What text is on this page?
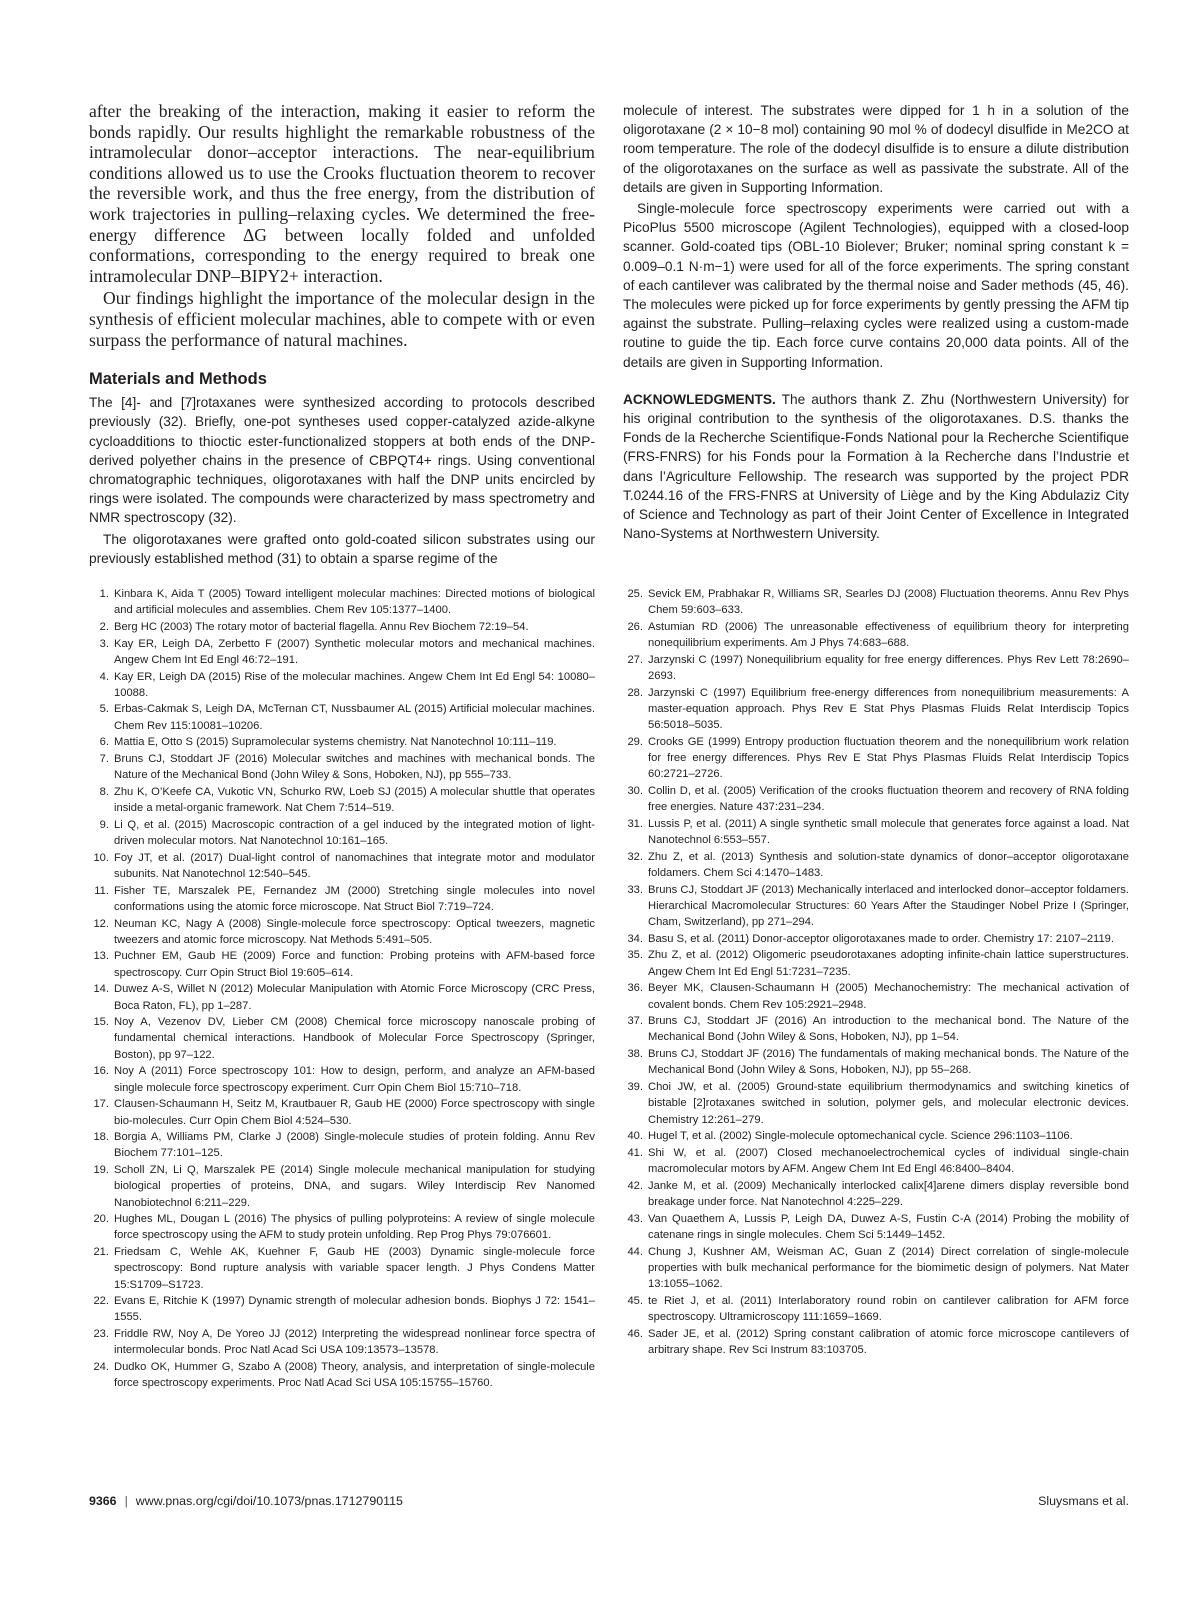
after the breaking of the interaction, making it easier to reform the bonds rapidly. Our results highlight the remarkable robustness of the intramolecular donor–acceptor interactions. The near-equilibrium conditions allowed us to use the Crooks fluctuation theorem to recover the reversible work, and thus the free energy, from the distribution of work trajectories in pulling–relaxing cycles. We determined the free-energy difference ΔG between locally folded and unfolded conformations, corresponding to the energy required to break one intramolecular DNP–BIPY2+ interaction.

Our findings highlight the importance of the molecular design in the synthesis of efficient molecular machines, able to compete with or even surpass the performance of natural machines.

Materials and Methods

The [4]- and [7]rotaxanes were synthesized according to protocols described previously (32). Briefly, one-pot syntheses used copper-catalyzed azide-alkyne cycloadditions to thioctic ester-functionalized stoppers at both ends of the DNP-derived polyether chains in the presence of CBPQT4+ rings. Using conventional chromatographic techniques, oligorotaxanes with half the DNP units encircled by rings were isolated. The compounds were characterized by mass spectrometry and NMR spectroscopy (32).

The oligorotaxanes were grafted onto gold-coated silicon substrates using our previously established method (31) to obtain a sparse regime of the

molecule of interest. The substrates were dipped for 1 h in a solution of the oligorotaxane (2 × 10−8 mol) containing 90 mol % of dodecyl disulfide in Me2CO at room temperature. The role of the dodecyl disulfide is to ensure a dilute distribution of the oligorotaxanes on the surface as well as passivate the substrate. All of the details are given in Supporting Information.

Single-molecule force spectroscopy experiments were carried out with a PicoPlus 5500 microscope (Agilent Technologies), equipped with a closed-loop scanner. Gold-coated tips (OBL-10 Biolever; Bruker; nominal spring constant k = 0.009–0.1 N·m−1) were used for all of the force experiments. The spring constant of each cantilever was calibrated by the thermal noise and Sader methods (45, 46). The molecules were picked up for force experiments by gently pressing the AFM tip against the substrate. Pulling–relaxing cycles were realized using a custom-made routine to guide the tip. Each force curve contains 20,000 data points. All of the details are given in Supporting Information.

ACKNOWLEDGMENTS. The authors thank Z. Zhu (Northwestern University) for his original contribution to the synthesis of the oligorotaxanes. D.S. thanks the Fonds de la Recherche Scientifique-Fonds National pour la Recherche Scientifique (FRS-FNRS) for his Fonds pour la Formation à la Recherche dans l’Industrie et dans l’Agriculture Fellowship. The research was supported by the project PDR T.0244.16 of the FRS-FNRS at University of Liège and by the King Abdulaziz City of Science and Technology as part of their Joint Center of Excellence in Integrated Nano-Systems at Northwestern University.

1. Kinbara K, Aida T (2005) Toward intelligent molecular machines: Directed motions of biological and artificial molecules and assemblies. Chem Rev 105:1377–1400.
2. Berg HC (2003) The rotary motor of bacterial flagella. Annu Rev Biochem 72:19–54.
3. Kay ER, Leigh DA, Zerbetto F (2007) Synthetic molecular motors and mechanical machines. Angew Chem Int Ed Engl 46:72–191.
4. Kay ER, Leigh DA (2015) Rise of the molecular machines. Angew Chem Int Ed Engl 54: 10080–10088.
5. Erbas-Cakmak S, Leigh DA, McTernan CT, Nussbaumer AL (2015) Artificial molecular machines. Chem Rev 115:10081–10206.
6. Mattia E, Otto S (2015) Supramolecular systems chemistry. Nat Nanotechnol 10:111–119.
7. Bruns CJ, Stoddart JF (2016) Molecular switches and machines with mechanical bonds. The Nature of the Mechanical Bond (John Wiley & Sons, Hoboken, NJ), pp 555–733.
8. Zhu K, O’Keefe CA, Vukotic VN, Schurko RW, Loeb SJ (2015) A molecular shuttle that operates inside a metal-organic framework. Nat Chem 7:514–519.
9. Li Q, et al. (2015) Macroscopic contraction of a gel induced by the integrated motion of light-driven molecular motors. Nat Nanotechnol 10:161–165.
10. Foy JT, et al. (2017) Dual-light control of nanomachines that integrate motor and modulator subunits. Nat Nanotechnol 12:540–545.
11. Fisher TE, Marszalek PE, Fernandez JM (2000) Stretching single molecules into novel conformations using the atomic force microscope. Nat Struct Biol 7:719–724.
12. Neuman KC, Nagy A (2008) Single-molecule force spectroscopy: Optical tweezers, magnetic tweezers and atomic force microscopy. Nat Methods 5:491–505.
13. Puchner EM, Gaub HE (2009) Force and function: Probing proteins with AFM-based force spectroscopy. Curr Opin Struct Biol 19:605–614.
14. Duwez A-S, Willet N (2012) Molecular Manipulation with Atomic Force Microscopy (CRC Press, Boca Raton, FL), pp 1–287.
15. Noy A, Vezenov DV, Lieber CM (2008) Chemical force microscopy nanoscale probing of fundamental chemical interactions. Handbook of Molecular Force Spectroscopy (Springer, Boston), pp 97–122.
16. Noy A (2011) Force spectroscopy 101: How to design, perform, and analyze an AFM-based single molecule force spectroscopy experiment. Curr Opin Chem Biol 15:710–718.
17. Clausen-Schaumann H, Seitz M, Krautbauer R, Gaub HE (2000) Force spectroscopy with single bio-molecules. Curr Opin Chem Biol 4:524–530.
18. Borgia A, Williams PM, Clarke J (2008) Single-molecule studies of protein folding. Annu Rev Biochem 77:101–125.
19. Scholl ZN, Li Q, Marszalek PE (2014) Single molecule mechanical manipulation for studying biological properties of proteins, DNA, and sugars. Wiley Interdiscip Rev Nanomed Nanobiotechnol 6:211–229.
20. Hughes ML, Dougan L (2016) The physics of pulling polyproteins: A review of single molecule force spectroscopy using the AFM to study protein unfolding. Rep Prog Phys 79:076601.
21. Friedsam C, Wehle AK, Kuehner F, Gaub HE (2003) Dynamic single-molecule force spectroscopy: Bond rupture analysis with variable spacer length. J Phys Condens Matter 15:S1709–S1723.
22. Evans E, Ritchie K (1997) Dynamic strength of molecular adhesion bonds. Biophys J 72: 1541–1555.
23. Friddle RW, Noy A, De Yoreo JJ (2012) Interpreting the widespread nonlinear force spectra of intermolecular bonds. Proc Natl Acad Sci USA 109:13573–13578.
24. Dudko OK, Hummer G, Szabo A (2008) Theory, analysis, and interpretation of single-molecule force spectroscopy experiments. Proc Natl Acad Sci USA 105:15755–15760.
25. Sevick EM, Prabhakar R, Williams SR, Searles DJ (2008) Fluctuation theorems. Annu Rev Phys Chem 59:603–633.
26. Astumian RD (2006) The unreasonable effectiveness of equilibrium theory for interpreting nonequilibrium experiments. Am J Phys 74:683–688.
27. Jarzynski C (1997) Nonequilibrium equality for free energy differences. Phys Rev Lett 78:2690–2693.
28. Jarzynski C (1997) Equilibrium free-energy differences from nonequilibrium measurements: A master-equation approach. Phys Rev E Stat Phys Plasmas Fluids Relat Interdiscip Topics 56:5018–5035.
29. Crooks GE (1999) Entropy production fluctuation theorem and the nonequilibrium work relation for free energy differences. Phys Rev E Stat Phys Plasmas Fluids Relat Interdiscip Topics 60:2721–2726.
30. Collin D, et al. (2005) Verification of the crooks fluctuation theorem and recovery of RNA folding free energies. Nature 437:231–234.
31. Lussis P, et al. (2011) A single synthetic small molecule that generates force against a load. Nat Nanotechnol 6:553–557.
32. Zhu Z, et al. (2013) Synthesis and solution-state dynamics of donor–acceptor oligorotaxane foldamers. Chem Sci 4:1470–1483.
33. Bruns CJ, Stoddart JF (2013) Mechanically interlaced and interlocked donor–acceptor foldamers. Hierarchical Macromolecular Structures: 60 Years After the Staudinger Nobel Prize I (Springer, Cham, Switzerland), pp 271–294.
34. Basu S, et al. (2011) Donor-acceptor oligorotaxanes made to order. Chemistry 17: 2107–2119.
35. Zhu Z, et al. (2012) Oligomeric pseudorotaxanes adopting infinite-chain lattice superstructures. Angew Chem Int Ed Engl 51:7231–7235.
36. Beyer MK, Clausen-Schaumann H (2005) Mechanochemistry: The mechanical activation of covalent bonds. Chem Rev 105:2921–2948.
37. Bruns CJ, Stoddart JF (2016) An introduction to the mechanical bond. The Nature of the Mechanical Bond (John Wiley & Sons, Hoboken, NJ), pp 1–54.
38. Bruns CJ, Stoddart JF (2016) The fundamentals of making mechanical bonds. The Nature of the Mechanical Bond (John Wiley & Sons, Hoboken, NJ), pp 55–268.
39. Choi JW, et al. (2005) Ground-state equilibrium thermodynamics and switching kinetics of bistable [2]rotaxanes switched in solution, polymer gels, and molecular electronic devices. Chemistry 12:261–279.
40. Hugel T, et al. (2002) Single-molecule optomechanical cycle. Science 296:1103–1106.
41. Shi W, et al. (2007) Closed mechanoelectrochemical cycles of individual single-chain macromolecular motors by AFM. Angew Chem Int Ed Engl 46:8400–8404.
42. Janke M, et al. (2009) Mechanically interlocked calix[4]arene dimers display reversible bond breakage under force. Nat Nanotechnol 4:225–229.
43. Van Quaethem A, Lussis P, Leigh DA, Duwez A-S, Fustin C-A (2014) Probing the mobility of catenane rings in single molecules. Chem Sci 5:1449–1452.
44. Chung J, Kushner AM, Weisman AC, Guan Z (2014) Direct correlation of single-molecule properties with bulk mechanical performance for the biomimetic design of polymers. Nat Mater 13:1055–1062.
45. te Riet J, et al. (2011) Interlaboratory round robin on cantilever calibration for AFM force spectroscopy. Ultramicroscopy 111:1659–1669.
46. Sader JE, et al. (2012) Spring constant calibration of atomic force microscope cantilevers of arbitrary shape. Rev Sci Instrum 83:103705.
9366 | www.pnas.org/cgi/doi/10.1073/pnas.1712790115	Sluysmans et al.
